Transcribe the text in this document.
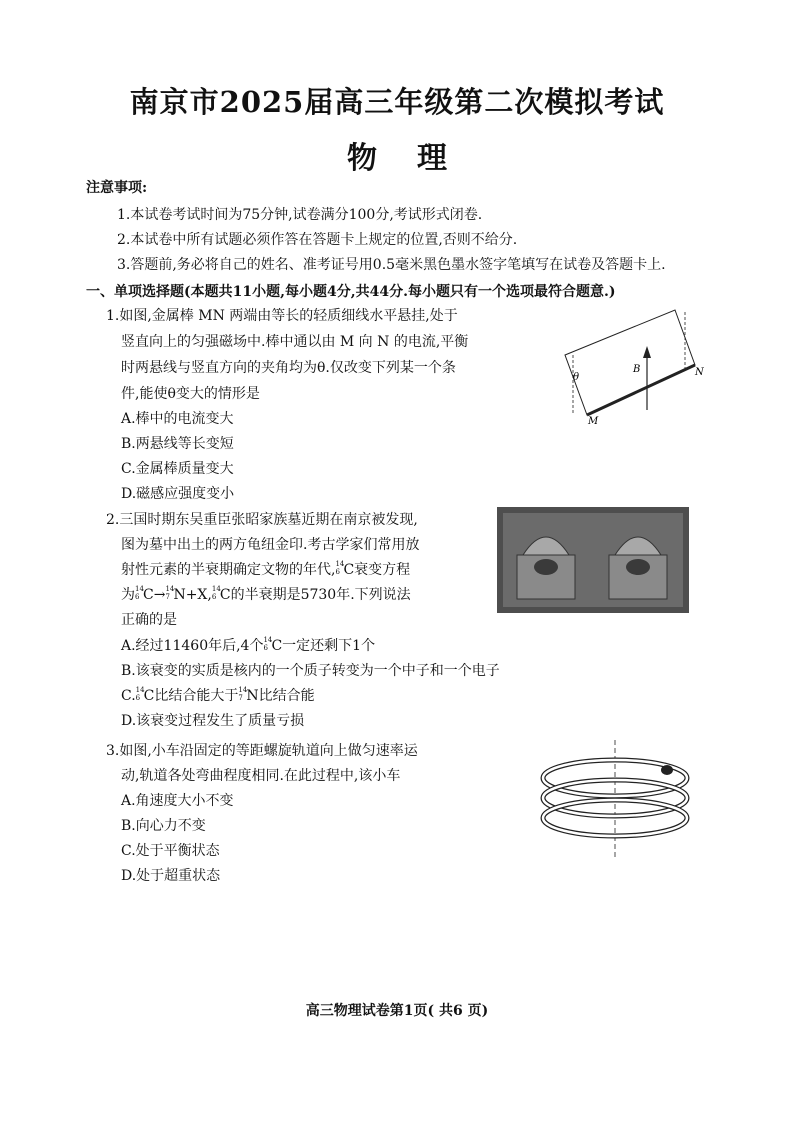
南京市2025届高三年级第二次模拟考试
物理
注意事项:
1.本试卷考试时间为75分钟,试卷满分100分,考试形式闭卷.
2.本试卷中所有试题必须作答在答题卡上规定的位置,否则不给分.
3.答题前,务必将自己的姓名、准考证号用0.5毫米黑色墨水签字笔填写在试卷及答题卡上.
一、单项选择题(本题共11小题,每小题4分,共44分.每小题只有一个选项最符合题意.)
1.如图,金属棒 MN 两端由等长的轻质细线水平悬挂,处于
竖直向上的匀强磁场中.棒中通以由 M 向 N 的电流,平衡
时两悬线与竖直方向的夹角均为θ.仅改变下列某一个条
件,能使θ变大的情形是
A.棒中的电流变大
B.两悬线等长变短
C.金属棒质量变大
D.磁感应强度变小
θ
B	N
M
2.三国时期东吴重臣张昭家族墓近期在南京被发现,
图为墓中出土的两方龟纽金印.考古学家们常用放
射性元素的半衰期确定文物的年代, 14
6 C衰变方程
为 14
6 C→ 14
7 N+X, 14
6 C的半衰期是5730年.下列说法
正确的是
A.经过11460年后,4个 14
6 C一定还剩下1个
B.该衰变的实质是核内的一个质子转变为一个中子和一个电子
C. 14
6 C比结合能大于 14
7 N比结合能
D.该衰变过程发生了质量亏损
3.如图,小车沿固定的等距螺旋轨道向上做匀速率运
动,轨道各处弯曲程度相同.在此过程中,该小车
A.角速度大小不变
B.向心力不变
C.处于平衡状态
D.处于超重状态
高三物理试卷第1页( 共6 页)
